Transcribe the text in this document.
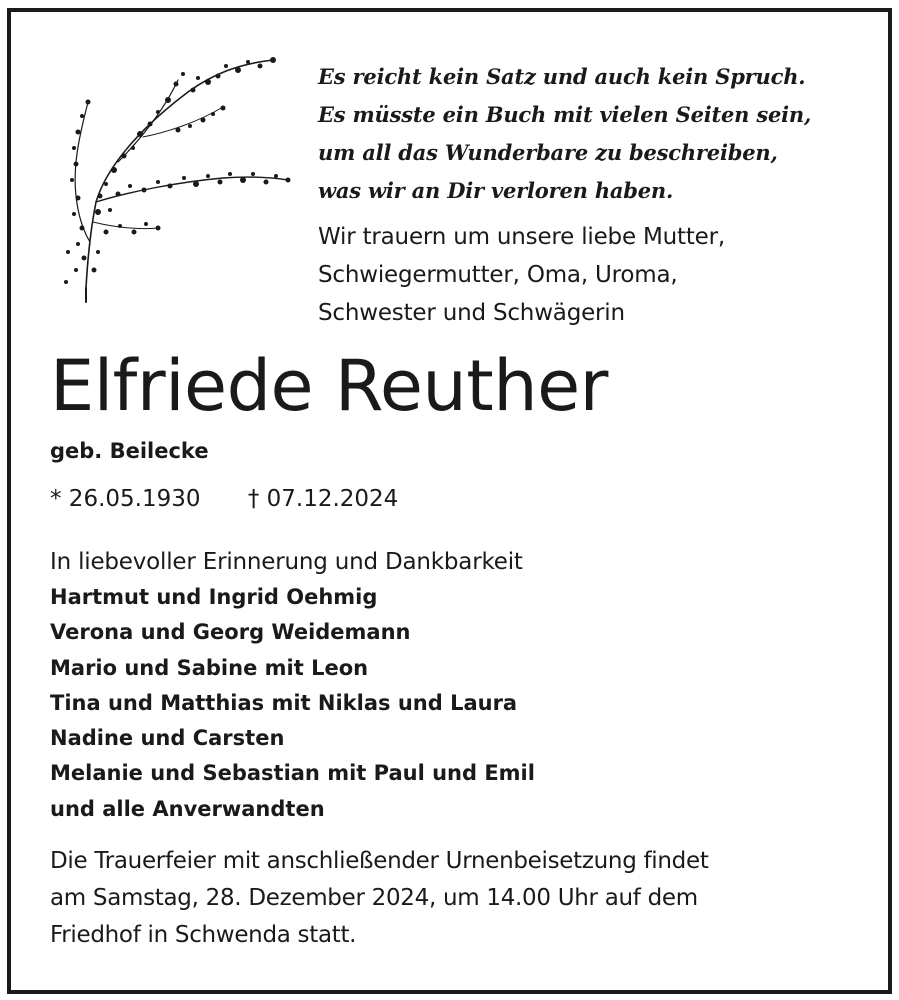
Es reicht kein Satz und auch kein Spruch.
Es müsste ein Buch mit vielen Seiten sein,
um all das Wunderbare zu beschreiben,
was wir an Dir verloren haben.
Wir trauern um unsere liebe Mutter,
Schwiegermutter, Oma, Uroma,
Schwester und Schwägerin
Elfriede Reuther
geb. Beilecke
* 26.05.1930 † 07.12.2024
In liebevoller Erinnerung und Dankbarkeit
Hartmut und Ingrid Oehmig
Verona und Georg Weidemann
Mario und Sabine mit Leon
Tina und Matthias mit Niklas und Laura
Nadine und Carsten
Melanie und Sebastian mit Paul und Emil
und alle Anverwandten
Die Trauerfeier mit anschließender Urnenbeisetzung findet
am Samstag, 28. Dezember 2024, um 14.00 Uhr auf dem
Friedhof in Schwenda statt.
